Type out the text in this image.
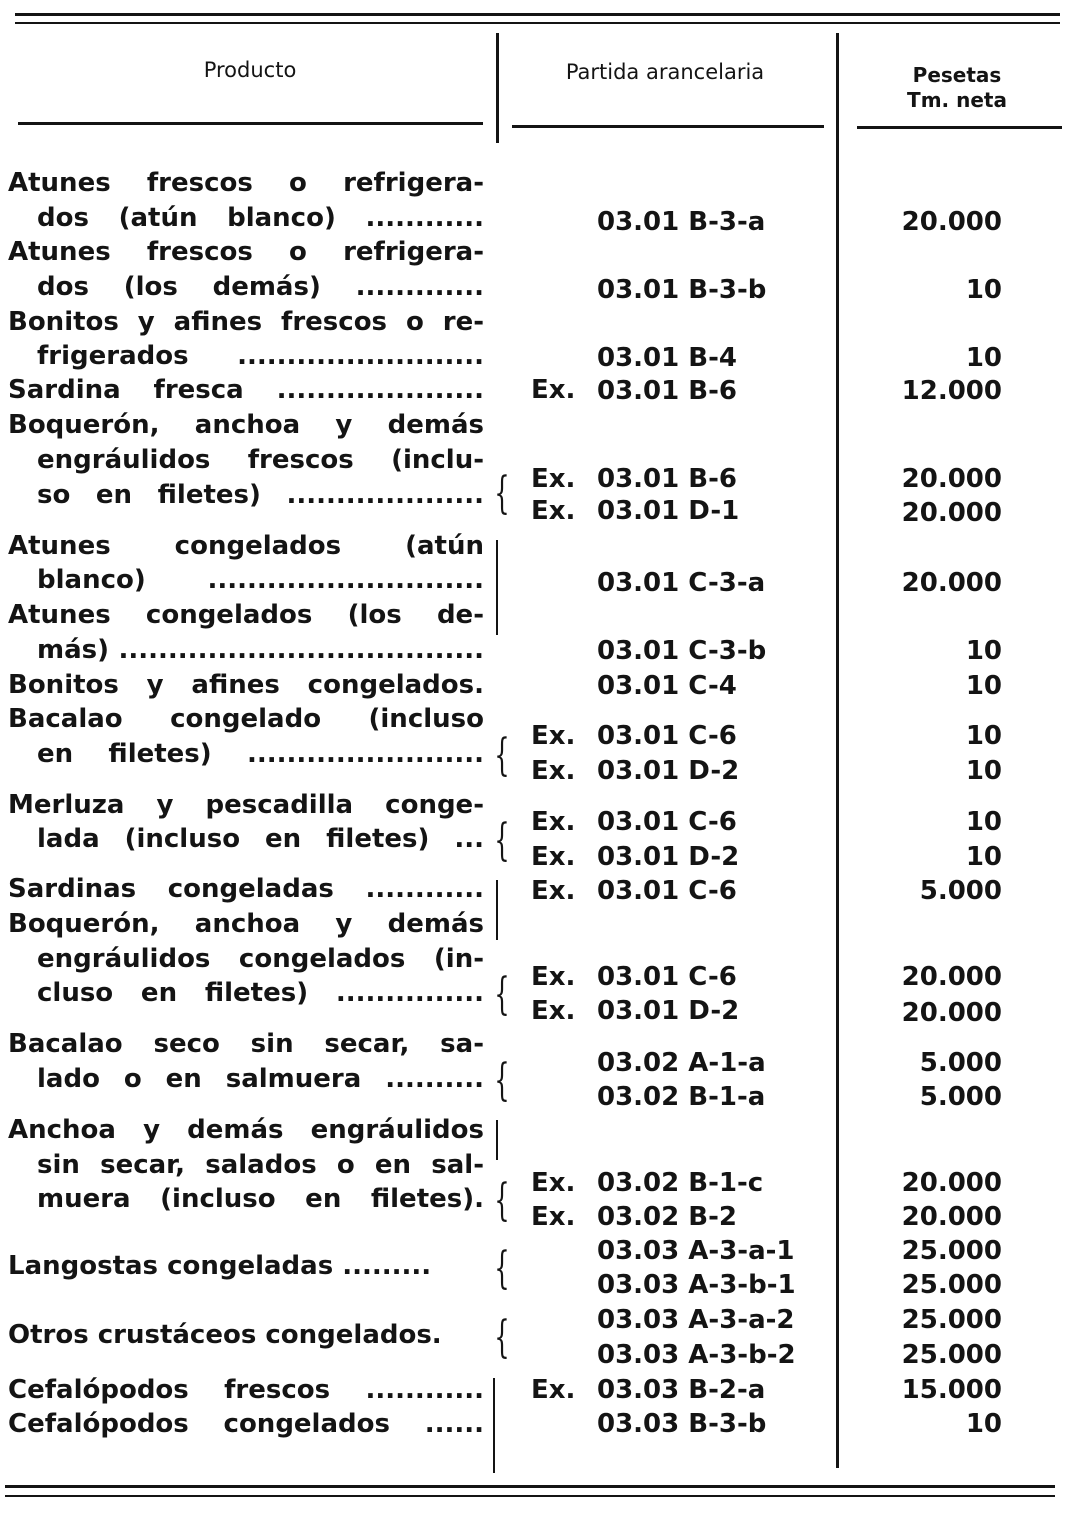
Producto	Partida arancelaria	Pesetas
Tm. neta
Atunes frescos o refrigera-
dos (atún blanco) ............
Atunes frescos o refrigera-
dos (los demás) .............
Bonitos y afines frescos o re-
frigerados .........................
Sardina fresca .....................
Boquerón, anchoa y demás
engráulidos frescos (inclu-
so en filetes) ....................
Atunes congelados (atún
blanco) ............................
Atunes congelados (los de-
más) .....................................
Bonitos y afines congelados.
Bacalao congelado (incluso
en filetes) ........................
Merluza y pescadilla conge-
lada (incluso en filetes) ...
Sardinas congeladas ............
Boquerón, anchoa y demás
engráulidos congelados (in-
cluso en filetes) ...............
Bacalao seco sin secar, sa-
lado o en salmuera ..........
Anchoa y demás engráulidos
sin secar, salados o en sal-
muera (incluso en filetes).
Langostas congeladas .........
Otros crustáceos congelados.
Cefalópodos frescos ............
Cefalópodos congelados ......
{
{
{
{
{
{
{
{
Ex.
Ex.
Ex.
Ex.
Ex.
Ex.
Ex.
Ex.
Ex.
Ex.
Ex.
Ex.
Ex.
03.01 B-3-a
03.01 B-3-b
03.01 B-4
03.01 B-6
03.01 B-6
03.01 D-1
03.01 C-3-a
03.01 C-3-b
03.01 C-4
03.01 C-6
03.01 D-2
03.01 C-6
03.01 D-2
03.01 C-6
03.01 C-6
03.01 D-2
03.02 A-1-a
03.02 B-1-a
03.02 B-1-c
03.02 B-2
03.03 A-3-a-1
03.03 A-3-b-1
03.03 A-3-a-2
03.03 A-3-b-2
03.03 B-2-a
03.03 B-3-b
20.000
10
10
12.000
20.000
20.000
20.000
10
10
10
10
10
10
5.000
20.000
20.000
5.000
5.000
20.000
20.000
25.000
25.000
25.000
25.000
15.000
10
